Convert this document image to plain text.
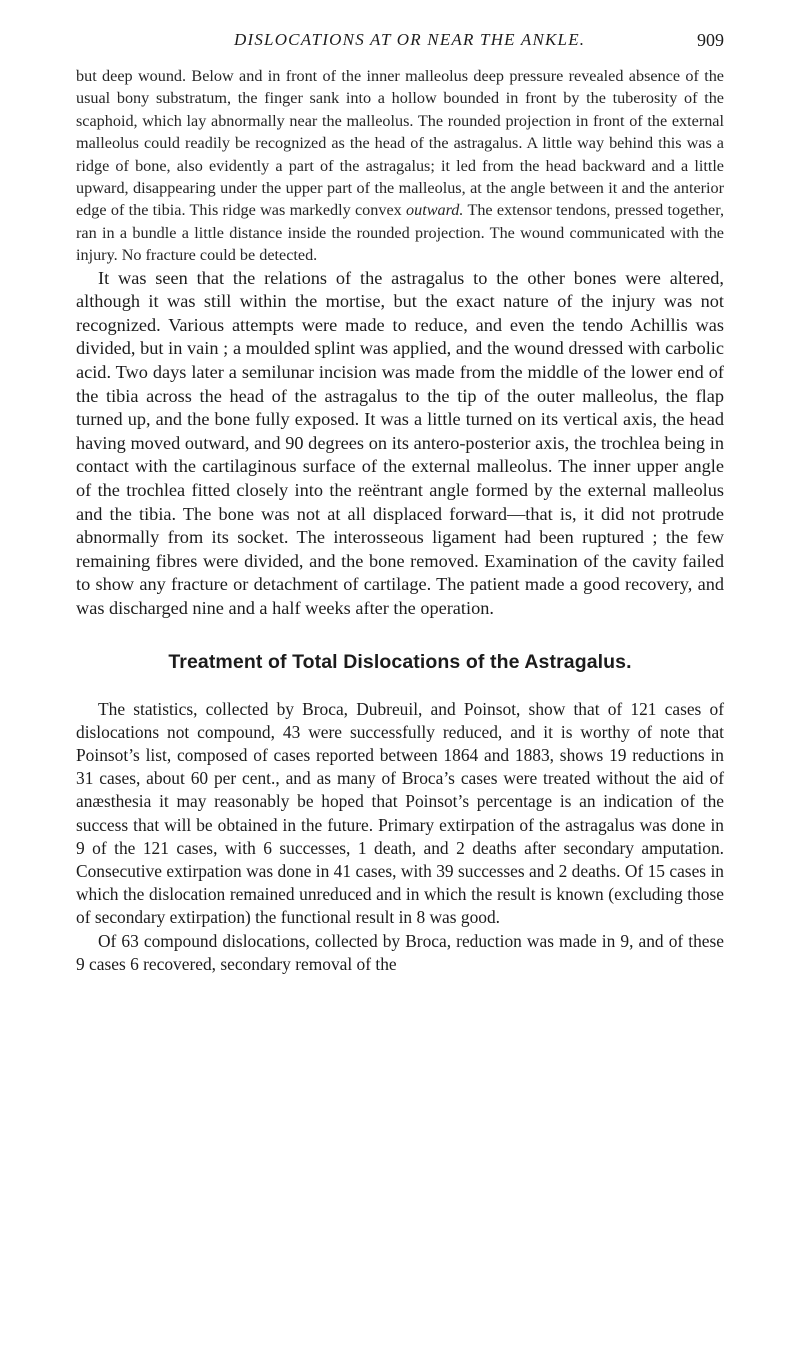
DISLOCATIONS AT OR NEAR THE ANKLE.	909

but deep wound. Below and in front of the inner malleolus deep pressure revealed absence of the usual bony substratum, the finger sank into a hollow bounded in front by the tuberosity of the scaphoid, which lay abnormally near the malleolus. The rounded projection in front of the external malleolus could readily be recognized as the head of the astragalus. A little way behind this was a ridge of bone, also evidently a part of the astragalus; it led from the head backward and a little upward, disappearing under the upper part of the malleolus, at the angle between it and the anterior edge of the tibia. This ridge was markedly convex outward. The extensor tendons, pressed together, ran in a bundle a little distance inside the rounded projection. The wound communicated with the injury. No fracture could be detected.

It was seen that the relations of the astragalus to the other bones were altered, although it was still within the mortise, but the exact nature of the injury was not recognized. Various attempts were made to reduce, and even the tendo Achillis was divided, but in vain ; a moulded splint was applied, and the wound dressed with carbolic acid. Two days later a semilunar incision was made from the middle of the lower end of the tibia across the head of the astragalus to the tip of the outer malleolus, the flap turned up, and the bone fully exposed. It was a little turned on its vertical axis, the head having moved outward, and 90 degrees on its antero-posterior axis, the trochlea being in contact with the cartilaginous surface of the external malleolus. The inner upper angle of the trochlea fitted closely into the reëntrant angle formed by the external malleolus and the tibia. The bone was not at all displaced forward—that is, it did not protrude abnormally from its socket. The interosseous ligament had been ruptured ; the few remaining fibres were divided, and the bone removed. Examination of the cavity failed to show any fracture or detachment of cartilage. The patient made a good recovery, and was discharged nine and a half weeks after the operation.

Treatment of Total Dislocations of the Astragalus.

The statistics, collected by Broca, Dubreuil, and Poinsot, show that of 121 cases of dislocations not compound, 43 were successfully reduced, and it is worthy of note that Poinsot’s list, composed of cases reported between 1864 and 1883, shows 19 reductions in 31 cases, about 60 per cent., and as many of Broca’s cases were treated without the aid of anæsthesia it may reasonably be hoped that Poinsot’s percentage is an indication of the success that will be obtained in the future. Primary extirpation of the astragalus was done in 9 of the 121 cases, with 6 successes, 1 death, and 2 deaths after secondary amputation. Consecutive extirpation was done in 41 cases, with 39 successes and 2 deaths. Of 15 cases in which the dislocation remained unreduced and in which the result is known (excluding those of secondary extirpation) the functional result in 8 was good.

Of 63 compound dislocations, collected by Broca, reduction was made in 9, and of these 9 cases 6 recovered, secondary removal of the
